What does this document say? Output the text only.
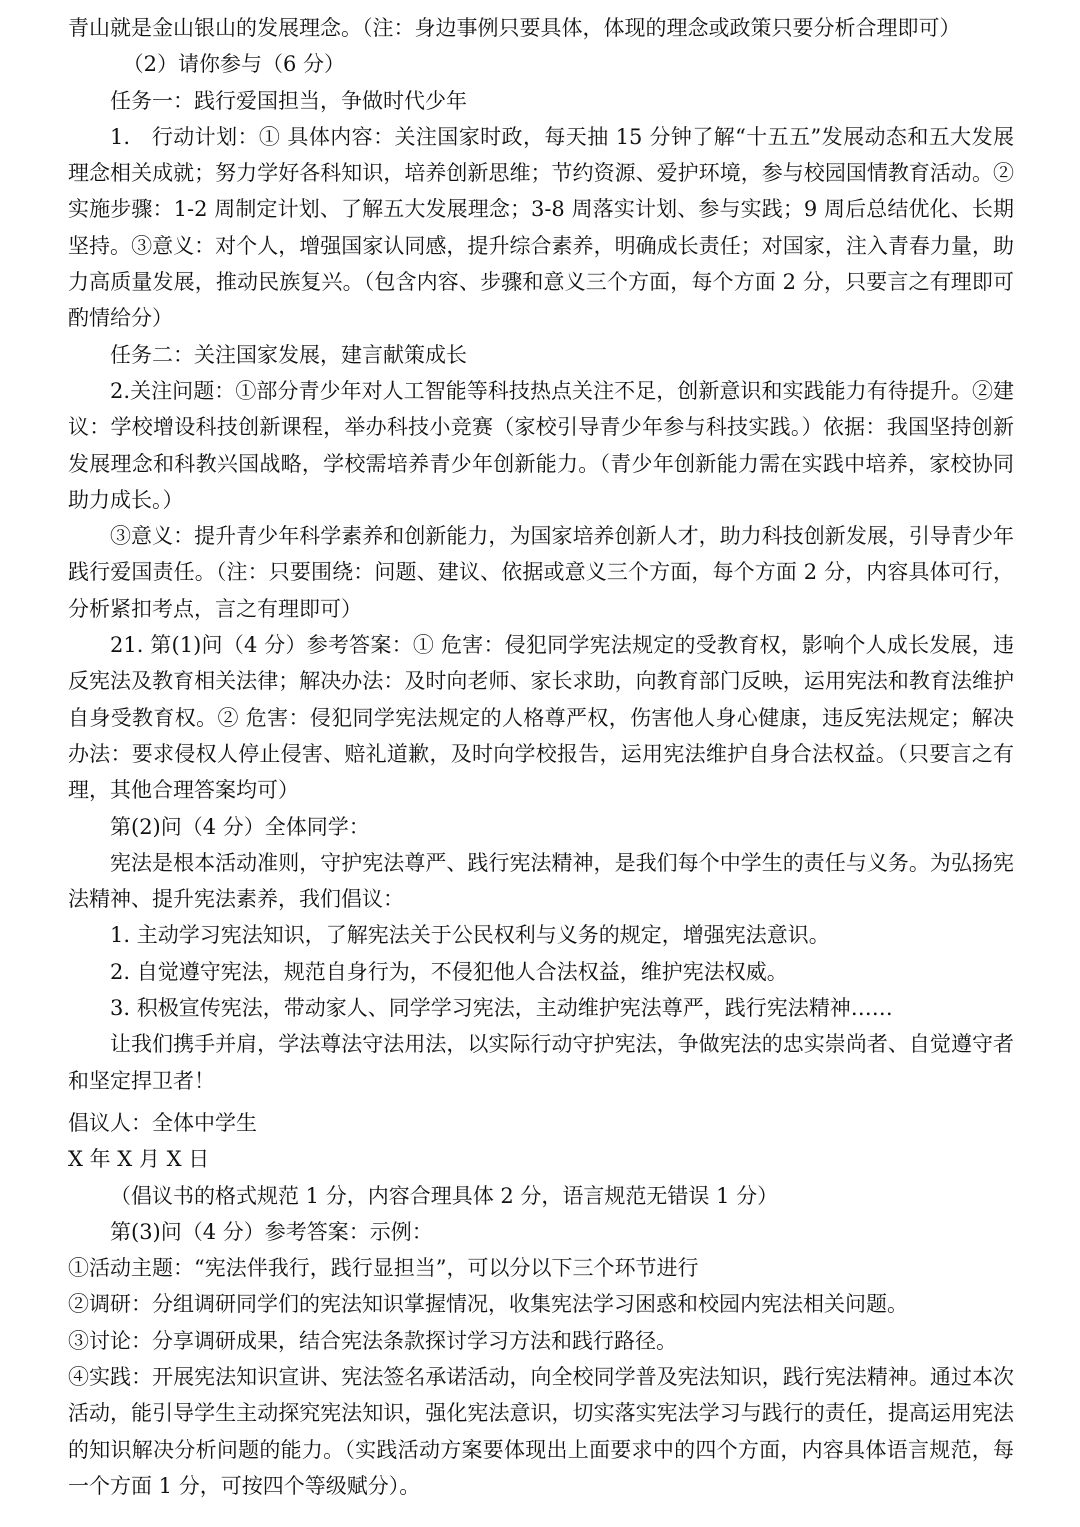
青山就是金山银山的发展理念。（注：身边事例只要具体，体现的理念或政策只要分析合理即可）

（2）请你参与（6 分）

任务一：践行爱国担当，争做时代少年

1.　行动计划：① 具体内容：关注国家时政，每天抽 15 分钟了解“十五五”发展动态和五大发展理念相关成就；努力学好各科知识，培养创新思维；节约资源、爱护环境，参与校园国情教育活动。② 实施步骤：1-2 周制定计划、了解五大发展理念；3-8 周落实计划、参与实践；9 周后总结优化、长期坚持。③意义：对个人，增强国家认同感，提升综合素养，明确成长责任；对国家，注入青春力量，助力高质量发展，推动民族复兴。（包含内容、步骤和意义三个方面，每个方面 2 分，只要言之有理即可酌情给分）

任务二：关注国家发展，建言献策成长

2.关注问题：①部分青少年对人工智能等科技热点关注不足，创新意识和实践能力有待提升。②建议：学校增设科技创新课程，举办科技小竞赛（家校引导青少年参与科技实践。）依据：我国坚持创新发展理念和科教兴国战略，学校需培养青少年创新能力。（青少年创新能力需在实践中培养，家校协同助力成长。）

③意义：提升青少年科学素养和创新能力，为国家培养创新人才，助力科技创新发展，引导青少年践行爱国责任。（注：只要围绕：问题、建议、依据或意义三个方面，每个方面 2 分，内容具体可行，分析紧扣考点，言之有理即可）

21. 第(1)问（4 分）参考答案：① 危害：侵犯同学宪法规定的受教育权，影响个人成长发展，违反宪法及教育相关法律；解决办法：及时向老师、家长求助，向教育部门反映，运用宪法和教育法维护自身受教育权。② 危害：侵犯同学宪法规定的人格尊严权，伤害他人身心健康，违反宪法规定；解决办法：要求侵权人停止侵害、赔礼道歉，及时向学校报告，运用宪法维护自身合法权益。（只要言之有理，其他合理答案均可）

第(2)问（4 分）全体同学：

宪法是根本活动准则，守护宪法尊严、践行宪法精神，是我们每个中学生的责任与义务。为弘扬宪法精神、提升宪法素养，我们倡议：

1. 主动学习宪法知识，了解宪法关于公民权利与义务的规定，增强宪法意识。

2. 自觉遵守宪法，规范自身行为，不侵犯他人合法权益，维护宪法权威。

3. 积极宣传宪法，带动家人、同学学习宪法，主动维护宪法尊严，践行宪法精神……

让我们携手并肩，学法尊法守法用法，以实际行动守护宪法，争做宪法的忠实崇尚者、自觉遵守者和坚定捍卫者！

倡议人：全体中学生

X 年 X 月 X 日

（倡议书的格式规范 1 分，内容合理具体 2 分，语言规范无错误 1 分）

第(3)问（4 分）参考答案：示例：

①活动主题：“宪法伴我行，践行显担当”，可以分以下三个环节进行

②调研：分组调研同学们的宪法知识掌握情况，收集宪法学习困惑和校园内宪法相关问题。

③讨论：分享调研成果，结合宪法条款探讨学习方法和践行路径。

④实践：开展宪法知识宣讲、宪法签名承诺活动，向全校同学普及宪法知识，践行宪法精神。通过本次活动，能引导学生主动探究宪法知识，强化宪法意识，切实落实宪法学习与践行的责任，提高运用宪法的知识解决分析问题的能力。（实践活动方案要体现出上面要求中的四个方面，内容具体语言规范，每一个方面 1 分，可按四个等级赋分）。
